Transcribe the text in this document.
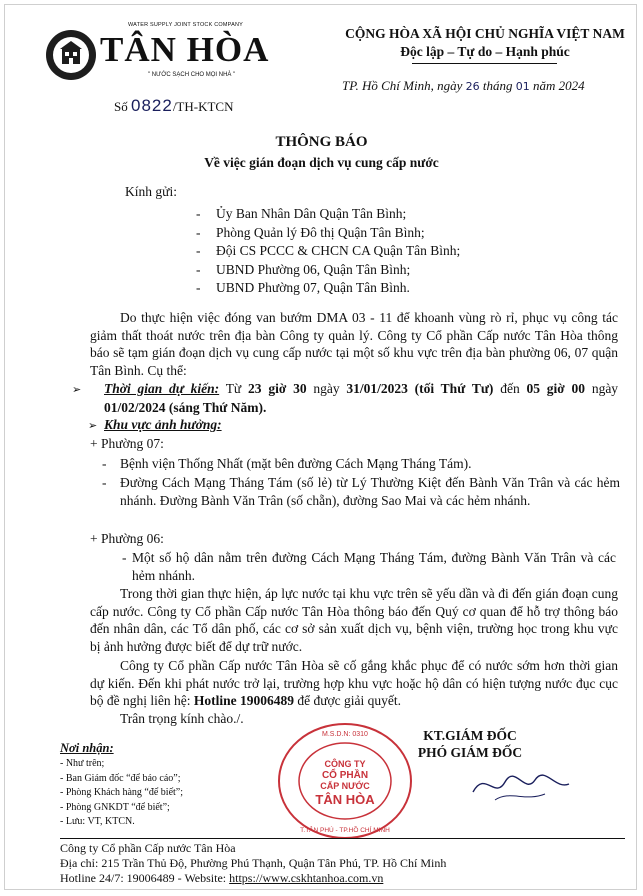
WATER SUPPLY JOINT STOCK COMPANY
TÂN HÒA
" NƯỚC SẠCH CHO MỌI NHÀ "
Số 0822/TH-KTCN
CỘNG HÒA XÃ HỘI CHỦ NGHĨA VIỆT NAM
Độc lập – Tự do – Hạnh phúc
TP. Hồ Chí Minh, ngày 26 tháng 01 năm 2024
THÔNG BÁO
Về việc gián đoạn dịch vụ cung cấp nước
Kính gửi:
- Ủy Ban Nhân Dân Quận Tân Bình;
- Phòng Quản lý Đô thị Quận Tân Bình;
- Đội CS PCCC & CHCN CA Quận Tân Bình;
- UBND Phường 06, Quận Tân Bình;
- UBND Phường 07, Quận Tân Bình.

Do thực hiện việc đóng van bướm DMA 03 - 11 để khoanh vùng rò rỉ, phục vụ công tác giảm thất thoát nước trên địa bàn Công ty quản lý. Công ty Cổ phần Cấp nước Tân Hòa thông báo sẽ tạm gián đoạn dịch vụ cung cấp nước tại một số khu vực trên địa bàn phường 06, 07 quận Tân Bình. Cụ thể:

➢ Thời gian dự kiến: Từ 23 giờ 30 ngày 31/01/2023 (tối Thứ Tư) đến 05 giờ 00 ngày 01/02/2024 (sáng Thứ Năm).
➢ Khu vực ảnh hưởng:
+ Phường 07:
- Bệnh viện Thống Nhất (mặt bên đường Cách Mạng Tháng Tám).
- Đường Cách Mạng Tháng Tám (số lẻ) từ Lý Thường Kiệt đến Bành Văn Trân và các hẻm nhánh. Đường Bành Văn Trân (số chẵn), đường Sao Mai và các hẻm nhánh.
+ Phường 06:
- Một số hộ dân nằm trên đường Cách Mạng Tháng Tám, đường Bành Văn Trân và các hẻm nhánh.

Trong thời gian thực hiện, áp lực nước tại khu vực trên sẽ yếu dần và đi đến gián đoạn cung cấp nước. Công ty Cổ phần Cấp nước Tân Hòa thông báo đến Quý cơ quan để hỗ trợ thông báo đến nhân dân, các Tổ dân phố, các cơ sở sản xuất dịch vụ, bệnh viện, trường học trong khu vực bị ảnh hưởng được biết để dự trữ nước.

Công ty Cổ phần Cấp nước Tân Hòa sẽ cố gắng khắc phục để có nước sớm hơn thời gian dự kiến. Đến khi phát nước trở lại, trường hợp khu vực hoặc hộ dân có hiện tượng nước đục cục bộ đề nghị liên hệ: Hotline 19006489 để được giải quyết.

Trân trọng kính chào./.
CÔNG TY
CỔ PHẦN
CẤP NƯỚC
TÂN HÒA
M.S.D.N: 0310
T.TÂN PHÚ - TP.HỒ CHÍ MINH
KT.GIÁM ĐỐC
PHÓ GIÁM ĐỐC
Nơi nhận:
- Như trên;
- Ban Giám đốc “để báo cáo”;
- Phòng Khách hàng “để biết”;
- Phòng GNKDT “để biết”;
- Lưu: VT, KTCN.
Công ty Cổ phần Cấp nước Tân Hòa
Địa chỉ: 215 Trần Thủ Độ, Phường Phú Thạnh, Quận Tân Phú, TP. Hồ Chí Minh
Hotline 24/7: 19006489 - Website: https://www.cskhtanhoa.com.vn
